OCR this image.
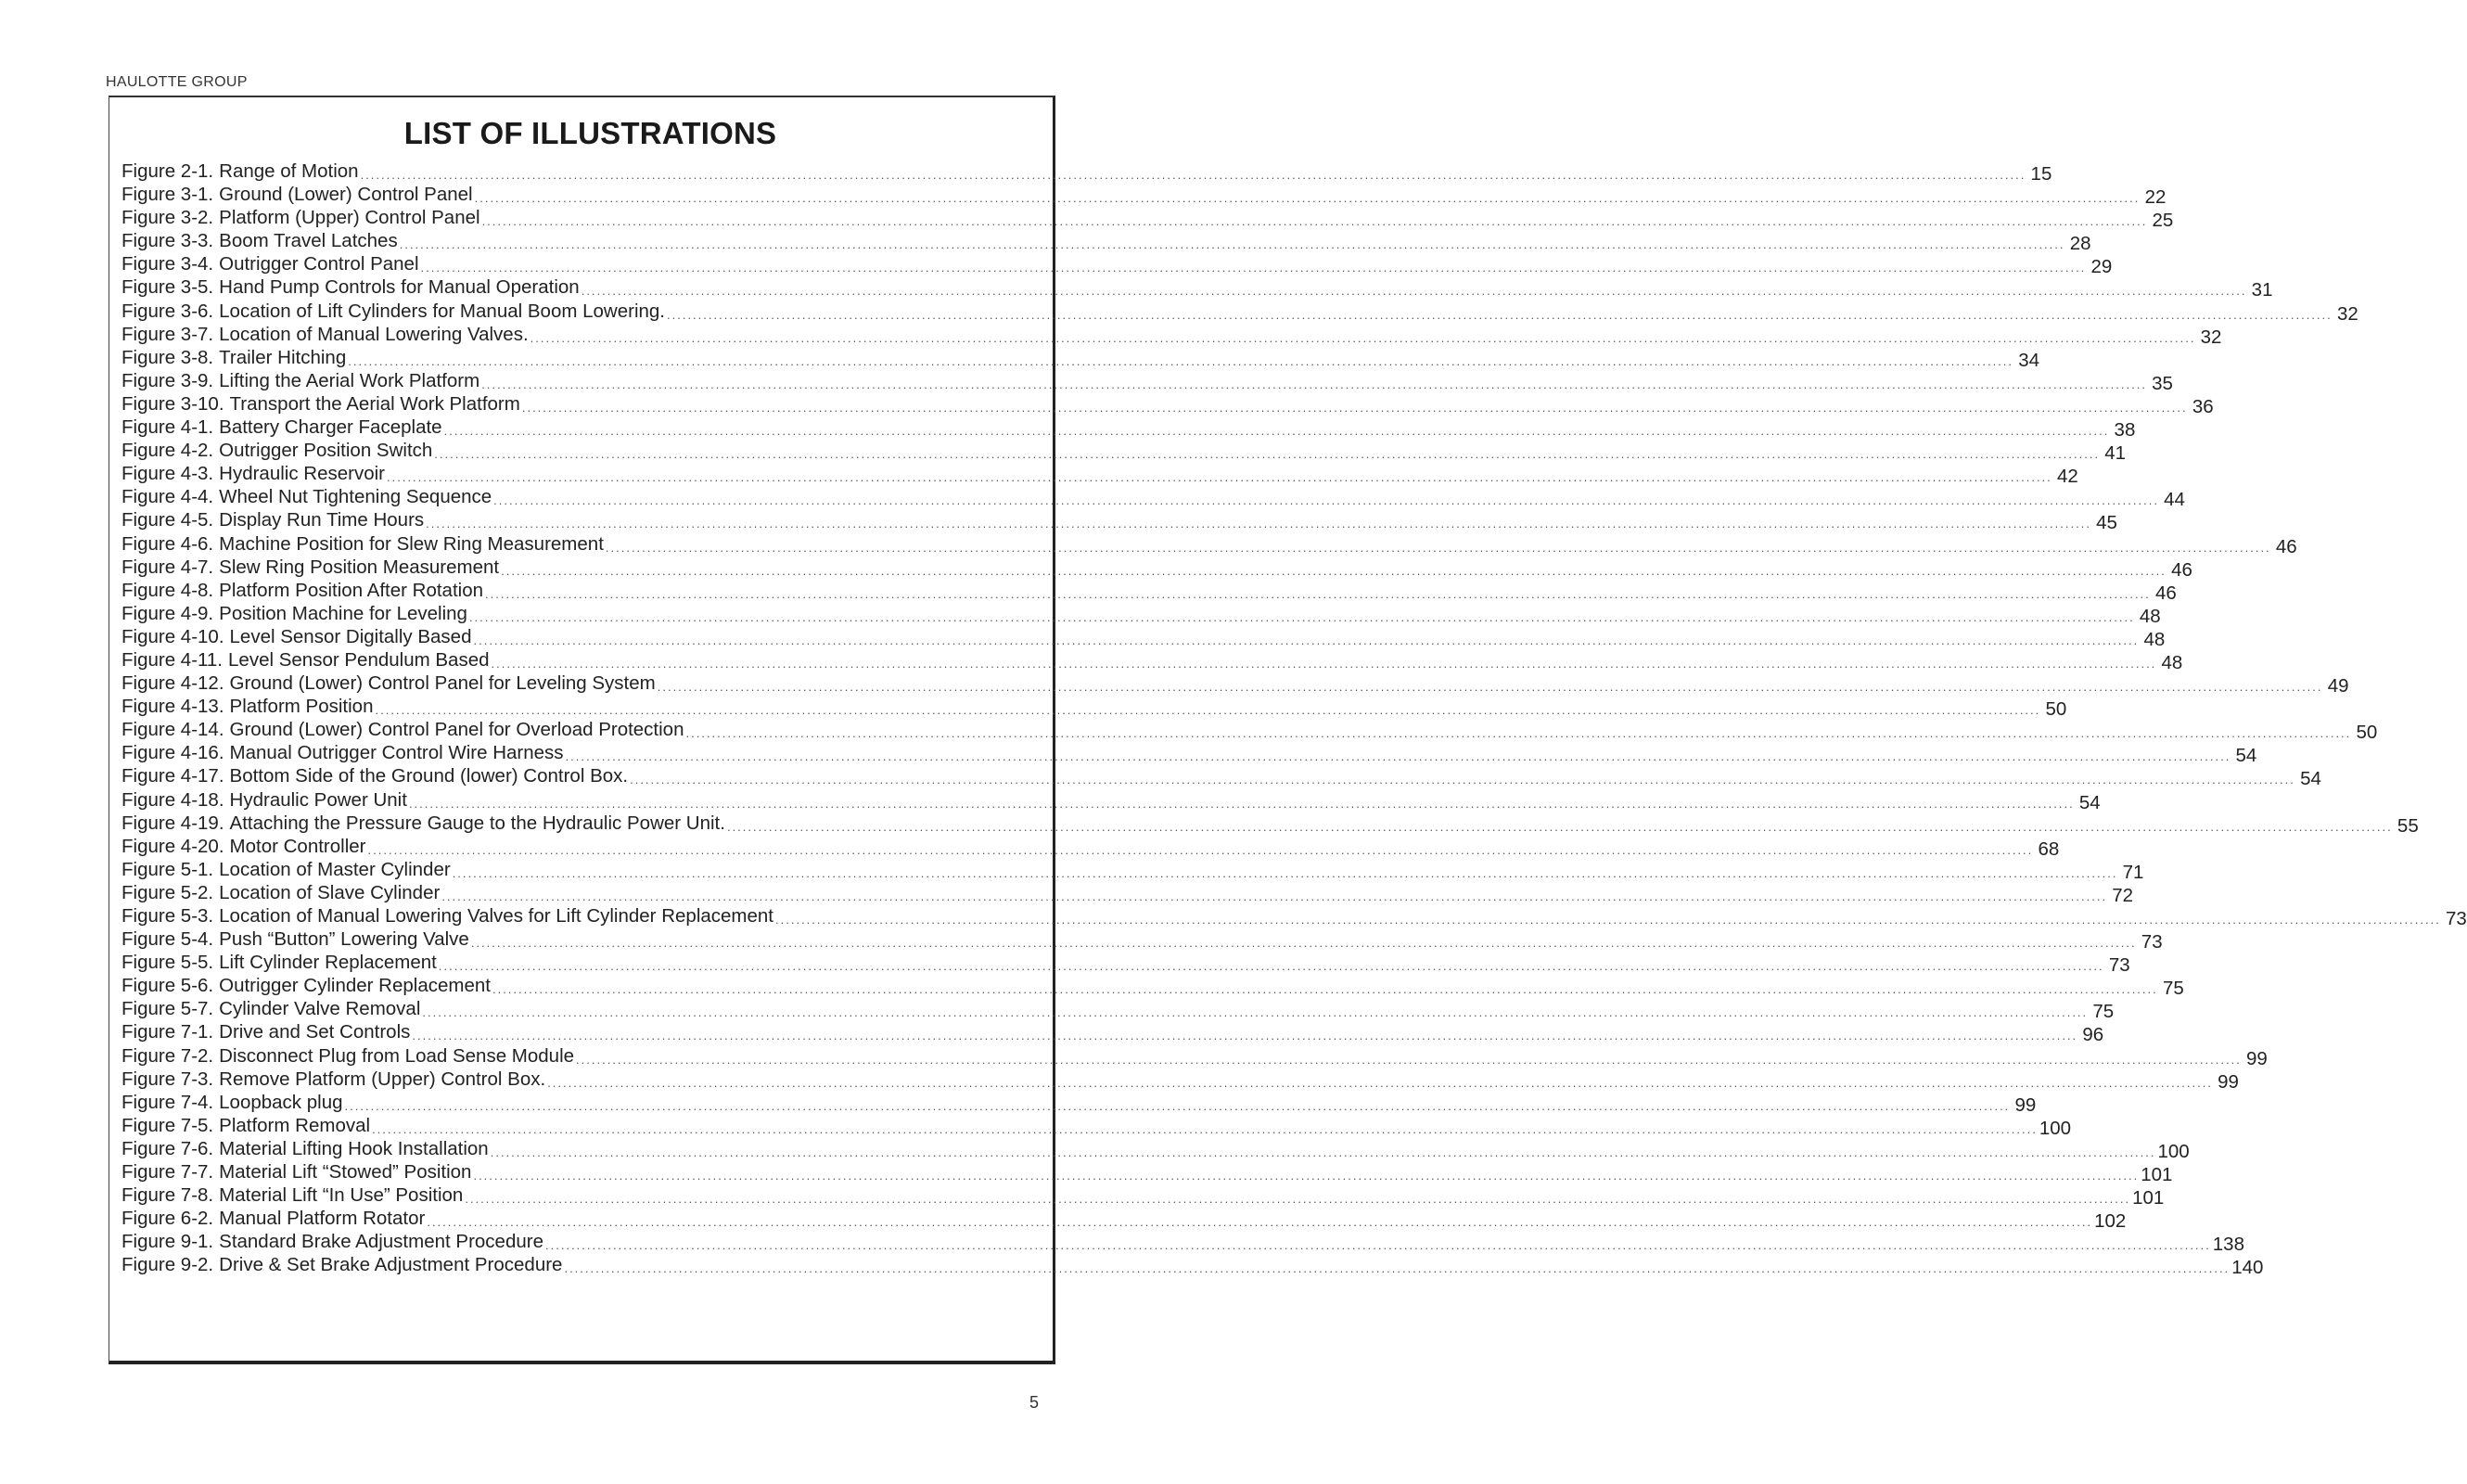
HAULOTTE GROUP
LIST OF ILLUSTRATIONS
Figure 2-1. Range of Motion .....	15
Figure 3-1. Ground (Lower) Control Panel .....	22
Figure 3-2. Platform (Upper) Control Panel .....	25
Figure 3-3. Boom Travel Latches .....	28
Figure 3-4. Outrigger Control Panel .....	29
Figure 3-5. Hand Pump Controls for Manual Operation .....	31
Figure 3-6. Location of Lift Cylinders for Manual Boom Lowering. .....	32
Figure 3-7. Location of Manual Lowering Valves. .....	32
Figure 3-8. Trailer Hitching .....	34
Figure 3-9. Lifting the Aerial Work Platform .....	35
Figure 3-10. Transport the Aerial Work Platform .....	36
Figure 4-1. Battery Charger Faceplate .....	38
Figure 4-2. Outrigger Position Switch .....	41
Figure 4-3. Hydraulic Reservoir .....	42
Figure 4-4. Wheel Nut Tightening Sequence .....	44
Figure 4-5. Display Run Time Hours .....	45
Figure 4-6. Machine Position for Slew Ring Measurement .....	46
Figure 4-7. Slew Ring Position Measurement .....	46
Figure 4-8. Platform Position After Rotation .....	46
Figure 4-9. Position Machine for Leveling .....	48
Figure 4-10. Level Sensor Digitally Based .....	48
Figure 4-11. Level Sensor Pendulum Based .....	48
Figure 4-12. Ground (Lower) Control Panel for Leveling System .....	49
Figure 4-13. Platform Position .....	50
Figure 4-14. Ground (Lower) Control Panel for Overload Protection .....	50
Figure 4-16. Manual Outrigger Control Wire Harness .....	54
Figure 4-17. Bottom Side of the Ground (lower) Control Box. .....	54
Figure 4-18. Hydraulic Power Unit .....	54
Figure 4-19. Attaching the Pressure Gauge to the Hydraulic Power Unit. .....	55
Figure 4-20. Motor Controller .....	68
Figure 5-1. Location of Master Cylinder .....	71
Figure 5-2. Location of Slave Cylinder .....	72
Figure 5-3. Location of Manual Lowering Valves for Lift Cylinder Replacement .....	73
Figure 5-4. Push “Button” Lowering Valve .....	73
Figure 5-5. Lift Cylinder Replacement .....	73
Figure 5-6. Outrigger Cylinder Replacement .....	75
Figure 5-7. Cylinder Valve Removal .....	75
Figure 7-1. Drive and Set Controls .....	96
Figure 7-2. Disconnect Plug from Load Sense Module .....	99
Figure 7-3. Remove Platform (Upper) Control Box. .....	99
Figure 7-4. Loopback plug .....	99
Figure 7-5. Platform Removal .....	100
Figure 7-6. Material Lifting Hook Installation .....	100
Figure 7-7. Material Lift “Stowed” Position .....	101
Figure 7-8. Material Lift “In Use” Position .....	101
Figure 6-2. Manual Platform Rotator .....	102
Figure 9-1. Standard Brake Adjustment Procedure .....	138
Figure 9-2. Drive & Set Brake Adjustment Procedure .....	140
5
